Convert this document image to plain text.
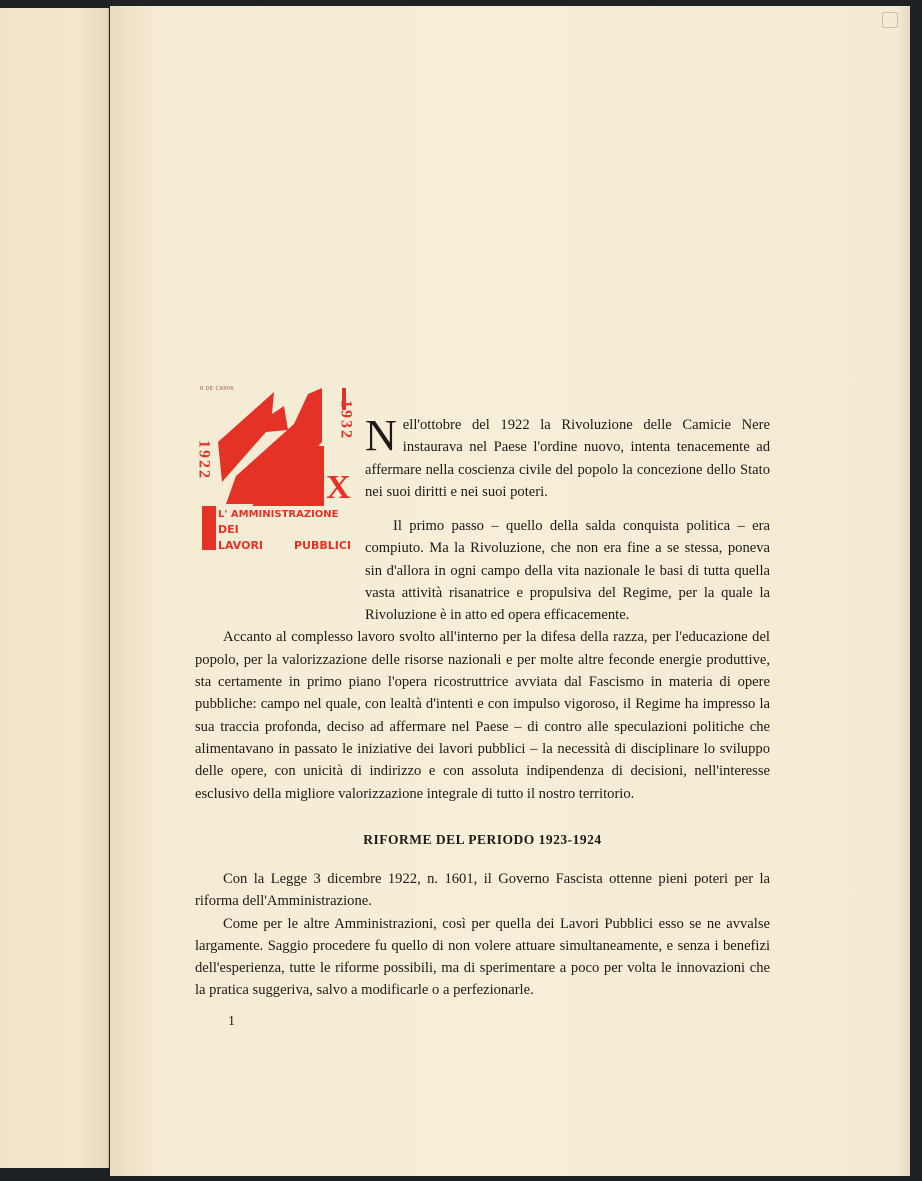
R.DE CARPA
1922
1932
X
L' AMMINISTRAZIONE
DEI
LAVORI	PUBBLICI

Nell'ottobre del 1922 la Rivoluzione delle Camicie Nere instaurava nel Paese l'ordine nuovo, intenta tenacemente ad affermare nella coscienza civile del popolo la concezione dello Stato nei suoi diritti e nei suoi poteri.

Il primo passo – quello della salda conquista politica – era compiuto. Ma la Rivoluzione, che non era fine a se stessa, poneva sin d'allora in ogni campo della vita nazionale le basi di tutta quella vasta attività risanatrice e propulsiva del Regime, per la quale la Rivoluzione è in atto ed opera efficacemente.

Accanto al complesso lavoro svolto all'interno per la difesa della razza, per l'educazione del popolo, per la valorizzazione delle risorse nazionali e per molte altre feconde energie produttive, sta certamente in primo piano l'opera ricostruttrice avviata dal Fascismo in materia di opere pubbliche: campo nel quale, con lealtà d'intenti e con impulso vigoroso, il Regime ha impresso la sua traccia profonda, deciso ad affermare nel Paese – di contro alle speculazioni politiche che alimentavano in passato le iniziative dei lavori pubblici – la necessità di disciplinare lo sviluppo delle opere, con unicità di indirizzo e con assoluta indipendenza di decisioni, nell'interesse esclusivo della migliore valorizzazione integrale di tutto il nostro territorio.

RIFORME DEL PERIODO 1923-1924

Con la Legge 3 dicembre 1922, n. 1601, il Governo Fascista ottenne pieni poteri per la riforma dell'Amministrazione.

Come per le altre Amministrazioni, così per quella dei Lavori Pubblici esso se ne avvalse largamente. Saggio procedere fu quello di non volere attuare simultaneamente, e senza i benefizi dell'esperienza, tutte le riforme possibili, ma di sperimentare a poco per volta le innovazioni che la pratica suggeriva, salvo a modificarle o a perfezionarle.

1
